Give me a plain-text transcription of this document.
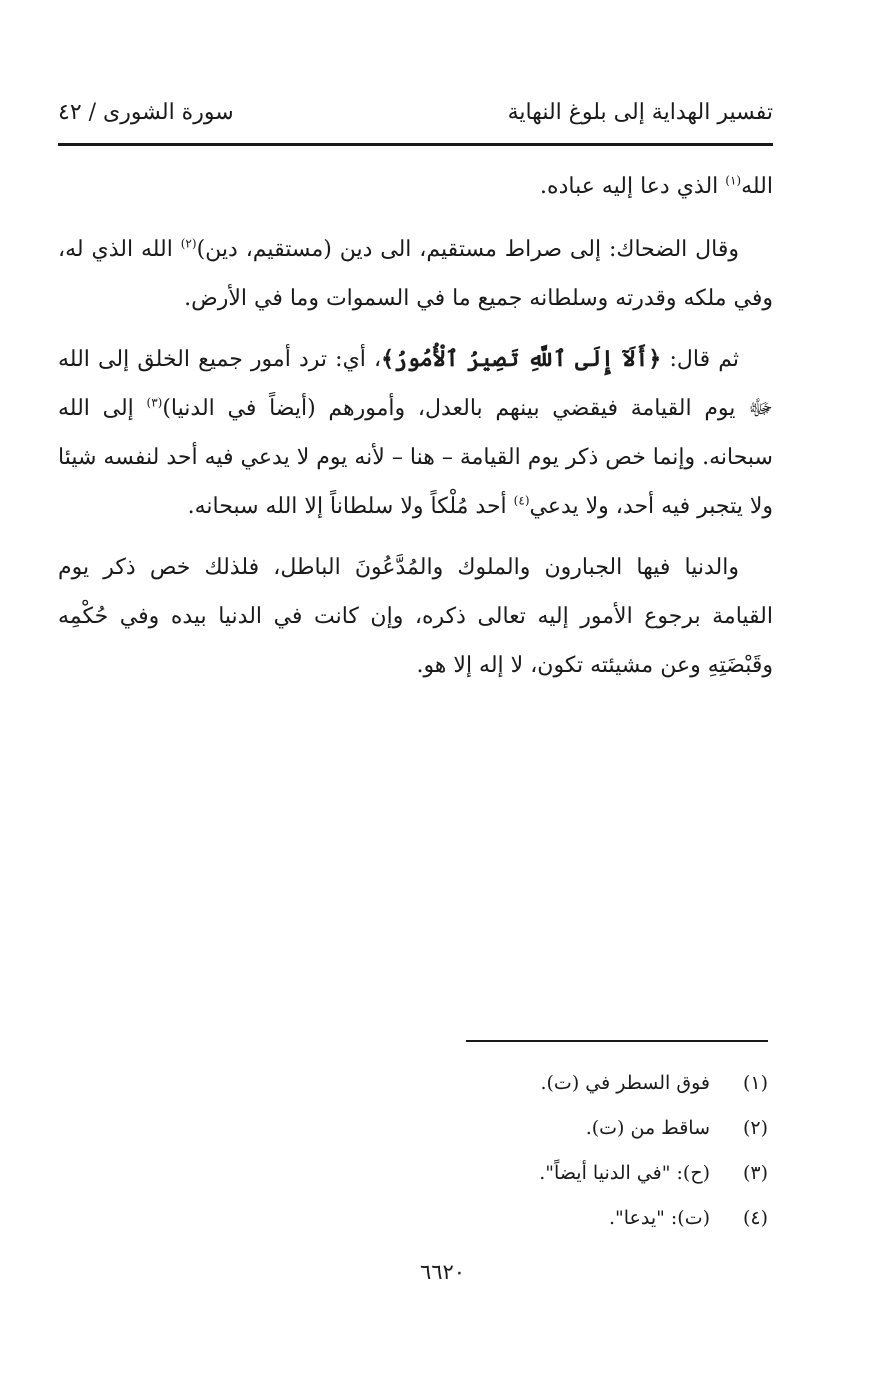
تفسير الهداية إلى بلوغ النهاية
سورة الشورى / ٤٢

الله$^{(١)}$ الذي دعا إليه عباده.

وقال الضحاك: إلى صراط مستقيم، الى دين (مستقيم، دين)$^{(٢)}$ الله الذي له، وفي ملكه وقدرته وسلطانه جميع ما في السموات وما في الأرض.

ثم قال: ﴿أَلَآ إِلَى ٱللَّهِ تَصِيرُ ٱلْأُمُورُ﴾، أي: ترد أمور جميع الخلق إلى الله ﷻ يوم القيامة فيقضي بينهم بالعدل، وأمورهم (أيضاً في الدنيا)$^{(٣)}$ إلى الله سبحانه. وإنما خص ذكر يوم القيامة – هنا – لأنه يوم لا يدعي فيه أحد لنفسه شيئا ولا يتجبر فيه أحد، ولا يدعي$^{(٤)}$ أحد مُلْكاً ولا سلطاناً إلا الله سبحانه.

والدنيا فيها الجبارون والملوك والمُدَّعُونَ الباطل، فلذلك خص ذكر يوم القيامة برجوع الأمور إليه تعالى ذكره، وإن كانت في الدنيا بيده وفي حُكْمِه وقَبْضَتِهِ وعن مشيئته تكون، لا إله إلا هو.

(١)فوق السطر في (ت).
(٢)ساقط من (ت).
(٣)(ح): "في الدنيا أيضاً".
(٤)(ت): "يدعا".
٦٦٢٠
